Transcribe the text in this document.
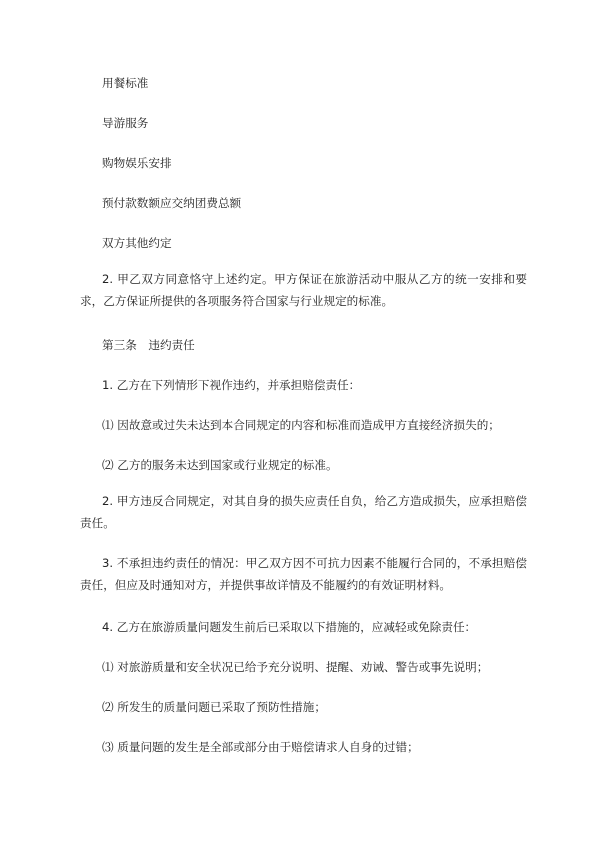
用餐标准
导游服务
购物娱乐安排
预付款数额应交纳团费总额
双方其他约定
2. 甲乙双方同意恪守上述约定。甲方保证在旅游活动中服从乙方的统一安排和要求，乙方保证所提供的各项服务符合国家与行业规定的标准。
第三条　违约责任
1. 乙方在下列情形下视作违约，并承担赔偿责任：
⑴ 因故意或过失未达到本合同规定的内容和标准而造成甲方直接经济损失的；
⑵ 乙方的服务未达到国家或行业规定的标准。
2. 甲方违反合同规定，对其自身的损失应责任自负，给乙方造成损失，应承担赔偿责任。
3. 不承担违约责任的情况：甲乙双方因不可抗力因素不能履行合同的，不承担赔偿责任，但应及时通知对方，并提供事故详情及不能履约的有效证明材料。
4. 乙方在旅游质量问题发生前后已采取以下措施的，应减轻或免除责任：
⑴ 对旅游质量和安全状况已给予充分说明、提醒、劝诫、警告或事先说明；
⑵ 所发生的质量问题已采取了预防性措施；
⑶ 质量问题的发生是全部或部分由于赔偿请求人自身的过错；
